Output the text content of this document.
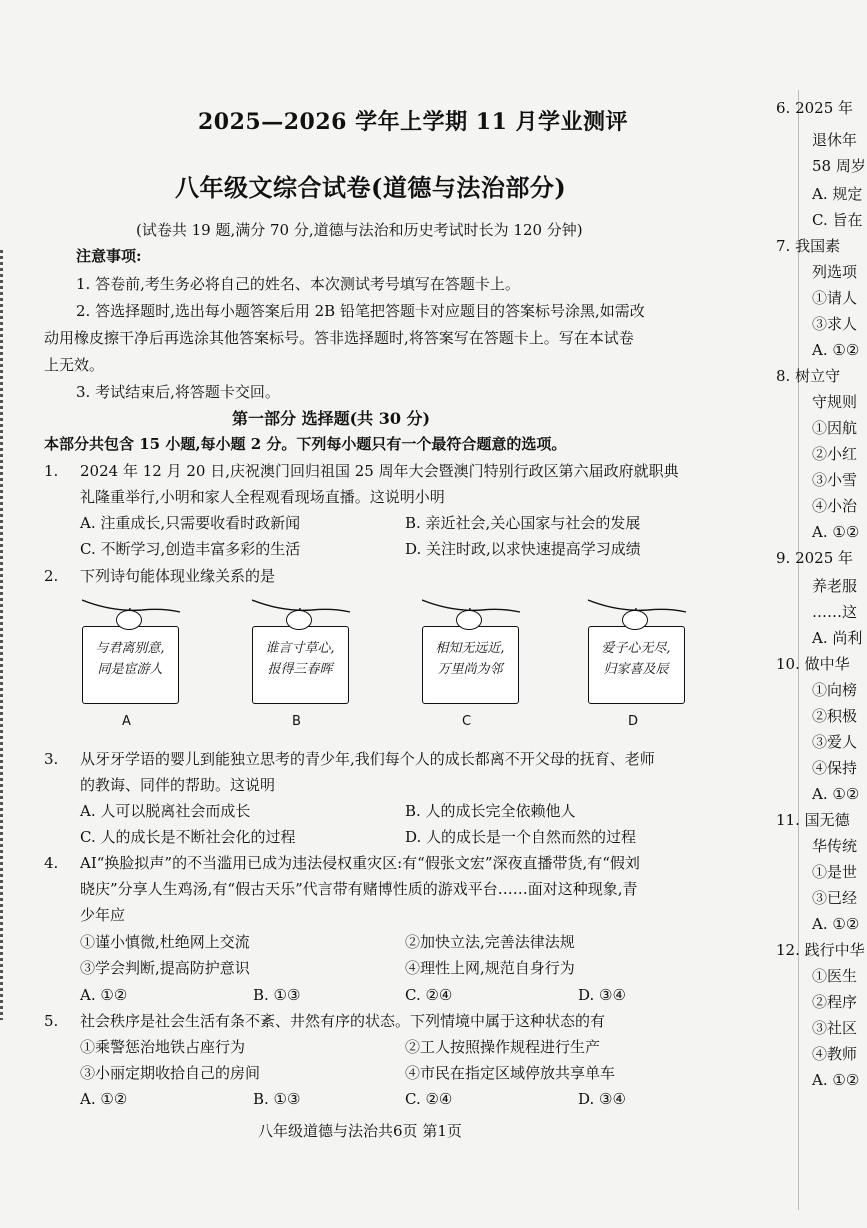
2025—2026 学年上学期 11 月学业测评
八年级文综合试卷(道德与法治部分)
(试卷共 19 题,满分 70 分,道德与法治和历史考试时长为 120 分钟)
注意事项:
1. 答卷前,考生务必将自己的姓名、本次测试考号填写在答题卡上。
2. 答选择题时,选出每小题答案后用 2B 铅笔把答题卡对应题目的答案标号涂黑,如需改
动用橡皮擦干净后再选涂其他答案标号。答非选择题时,将答案写在答题卡上。写在本试卷
上无效。
3. 考试结束后,将答题卡交回。
第一部分 选择题(共 30 分)
本部分共包含 15 小题,每小题 2 分。下列每小题只有一个最符合题意的选项。
1. 2024 年 12 月 20 日,庆祝澳门回归祖国 25 周年大会暨澳门特别行政区第六届政府就职典
礼隆重举行,小明和家人全程观看现场直播。这说明小明
A. 注重成长,只需要收看时政新闻	B. 亲近社会,关心国家与社会的发展
C. 不断学习,创造丰富多彩的生活	D. 关注时政,以求快速提高学习成绩
2. 下列诗句能体现业缘关系的是
与君离别意,
同是宦游人
A
谁言寸草心,
报得三春晖
B
相知无远近,
万里尚为邻
C
爱子心无尽,
归家喜及辰
D
3. 从牙牙学语的婴儿到能独立思考的青少年,我们每个人的成长都离不开父母的抚育、老师
的教诲、同伴的帮助。这说明
A. 人可以脱离社会而成长	B. 人的成长完全依赖他人
C. 人的成长是不断社会化的过程	D. 人的成长是一个自然而然的过程
4. AI“换脸拟声”的不当滥用已成为违法侵权重灾区:有“假张文宏”深夜直播带货,有“假刘
晓庆”分享人生鸡汤,有“假古天乐”代言带有赌博性质的游戏平台……面对这种现象,青
少年应
①谨小慎微,杜绝网上交流	②加快立法,完善法律法规
③学会判断,提高防护意识	④理性上网,规范自身行为
A. ①②	B. ①③	C. ②④	D. ③④
5. 社会秩序是社会生活有条不紊、井然有序的状态。下列情境中属于这种状态的有
①乘警惩治地铁占座行为	②工人按照操作规程进行生产
③小丽定期收拾自己的房间	④市民在指定区域停放共享单车
A. ①②	B. ①③	C. ②④	D. ③④
八年级道德与法治共6页 第1页
6. 2025 年
退休年
58 周岁
A. 规定
C. 旨在
7. 我国素
列选项
①请人
③求人
A. ①②
8. 树立守
守规则
①因航
②小红
③小雪
④小治
A. ①②
9. 2025 年
养老服
……这
A. 尚利
10. 做中华
①向榜
②积极
③爱人
④保持
A. ①②
11. 国无德
华传统
①是世
③已经
A. ①②
12. 践行中华
①医生
②程序
③社区
④教师
A. ①②
